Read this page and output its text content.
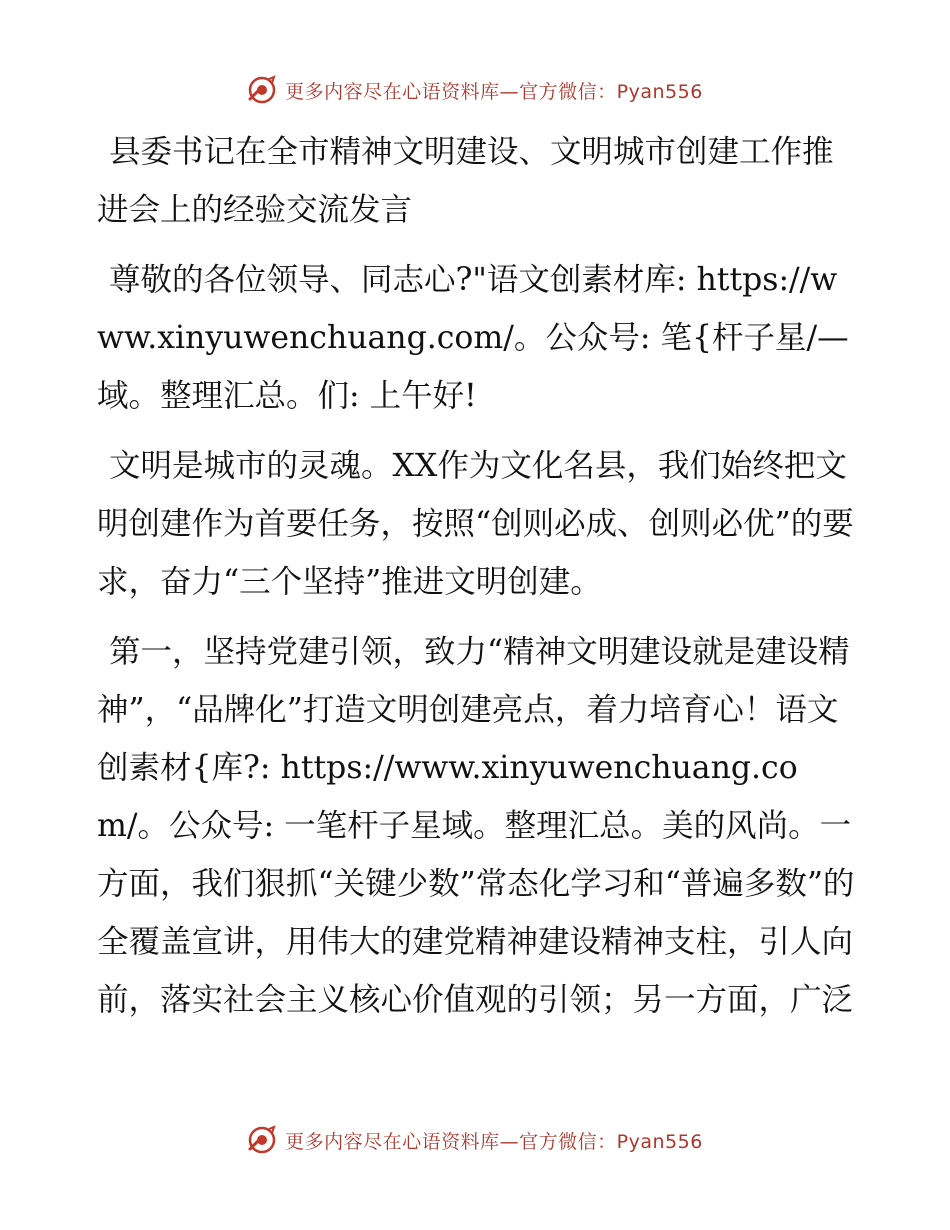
更多内容尽在心语资料库—官方微信：Pyan556

县委书记在全市精神文明建设、文明城市创建工作推进会上的经验交流发言

尊敬的各位领导、同志心?"语文创素材库: https://www.xinyuwenchuang.com/。公众号: 笔{杆子星/—域。整理汇总。们: 上午好!

文明是城市的灵魂。XX作为文化名县，我们始终把文明创建作为首要任务，按照“创则必成、创则必优”的要求，奋力“三个坚持”推进文明创建。

第一，坚持党建引领，致力“精神文明建设就是建设精神”，“品牌化”打造文明创建亮点，着力培育心！语文创素材{库?: https://www.xinyuwenchuang.com/。公众号: 一笔杆子星域。整理汇总。美的风尚。一方面，我们狠抓“关键少数”常态化学习和“普遍多数”的全覆盖宣讲，用伟大的建党精神建设精神支柱，引人向前，落实社会主义核心价值观的引领；另一方面，广泛

更多内容尽在心语资料库—官方微信：Pyan556
